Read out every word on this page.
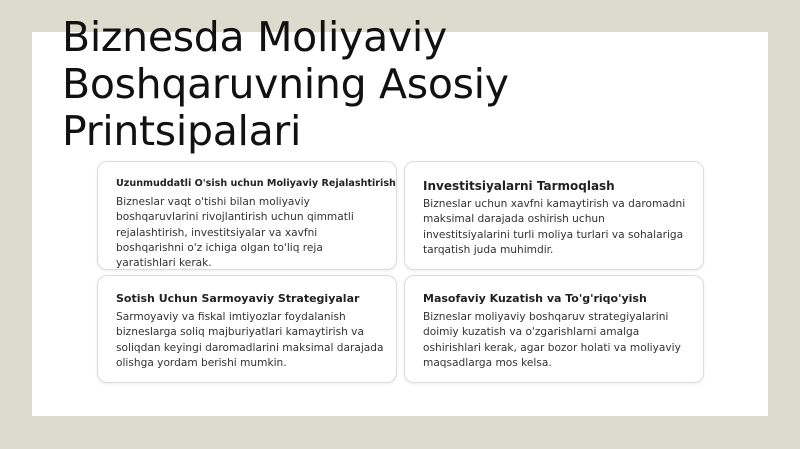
Biznesda Moliyaviy Boshqaruvning Asosiy Printsipalari
Uzunmuddatli O'sish uchun Moliyaviy Rejalashtirish

Bizneslar vaqt o'tishi bilan moliyaviy boshqaruvlarini rivojlantirish uchun qimmatli rejalashtirish, investitsiyalar va xavfni boshqarishni o'z ichiga olgan to'liq reja yaratishlari kerak.

Investitsiyalarni Tarmoqlash

Bizneslar uchun xavfni kamaytirish va daromadni maksimal darajada oshirish uchun investitsiyalarini turli moliya turlari va sohalariga tarqatish juda muhimdir.

Sotish Uchun Sarmoyaviy Strategiyalar

Sarmoyaviy va fiskal imtiyozlar foydalanish bizneslarga soliq majburiyatlari kamaytirish va soliqdan keyingi daromadlarini maksimal darajada olishga yordam berishi mumkin.

Masofaviy Kuzatish va To'g'riqo'yish

Bizneslar moliyaviy boshqaruv strategiyalarini doimiy kuzatish va o'zgarishlarni amalga oshirishlari kerak, agar bozor holati va moliyaviy maqsadlarga mos kelsa.
